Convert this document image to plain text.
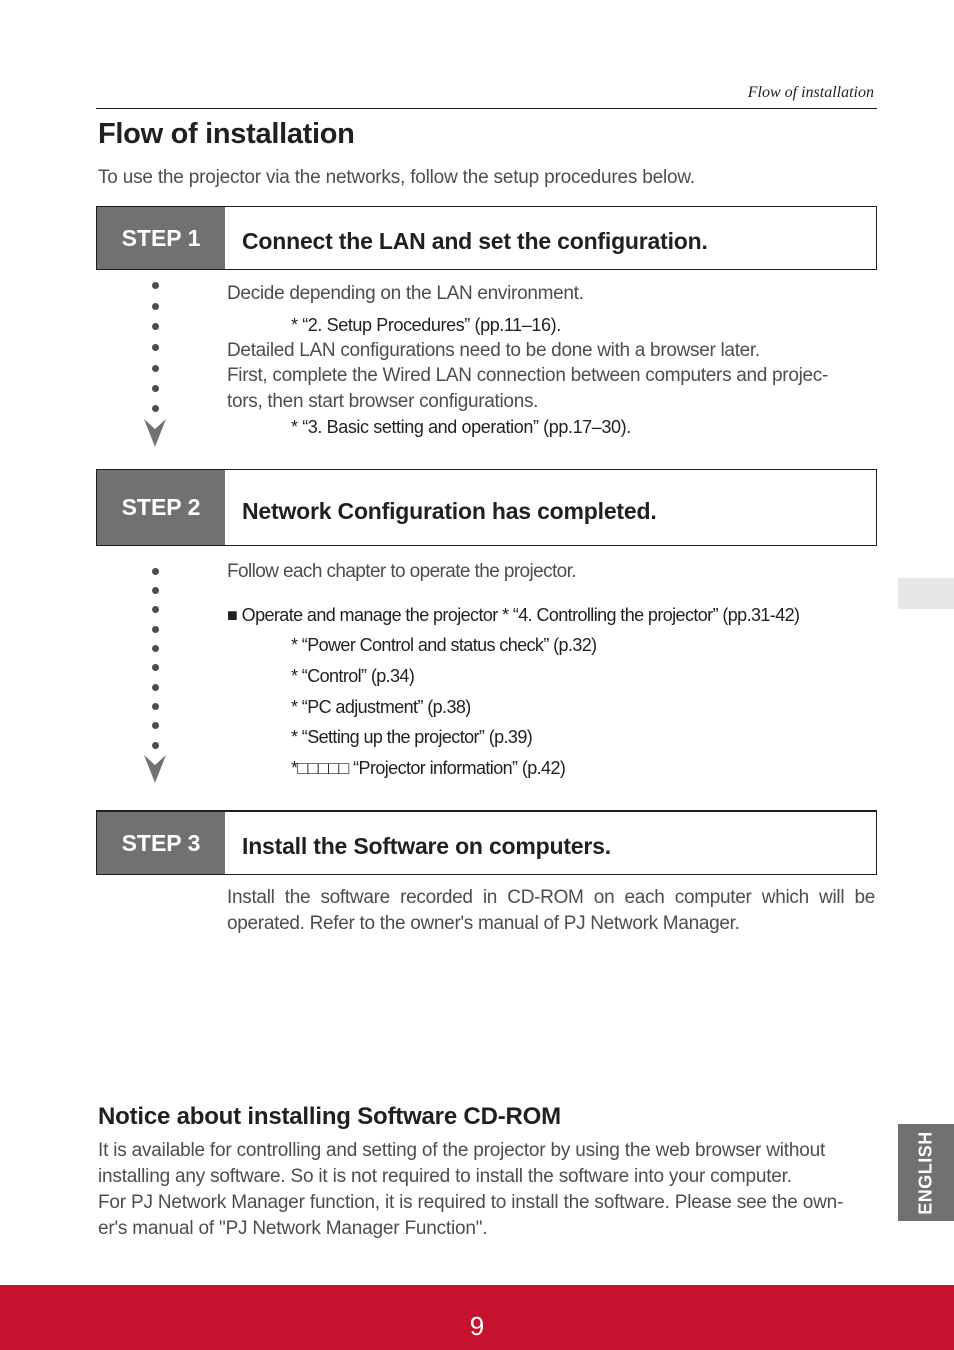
Flow of installation
Flow of installation
To use the projector via the networks, follow the setup procedures below.
STEP 1	Connect the LAN and set the configuration.
Decide depending on the LAN environment.
* “2. Setup Procedures” (pp.11–16).
Detailed LAN configurations need to be done with a browser later.
First, complete the Wired LAN connection between computers and projec-
tors, then start browser configurations.
* “3. Basic setting and operation” (pp.17–30).
STEP 2	Network Configuration has completed.
Follow each chapter to operate the projector.
■ Operate and manage the projector * “4. Controlling the projector” (pp.31-42)
* “Power Control and status check” (p.32)
* “Control” (p.34)
* “PC adjustment” (p.38)
* “Setting up the projector” (p.39)
*□□□□□ “Projector information” (p.42)
STEP 3	Install the Software on computers.
Install the software recorded in CD-ROM on each computer which will be operated. Refer to the owner's manual of PJ Network Manager.
ENGLISH
Notice about installing Software CD-ROM
It is available for controlling and setting of the projector by using the web browser without
installing any software. So it is not required to install the software into your computer.
For PJ Network Manager function, it is required to install the software. Please see the own-
er's manual of "PJ Network Manager Function".
9
